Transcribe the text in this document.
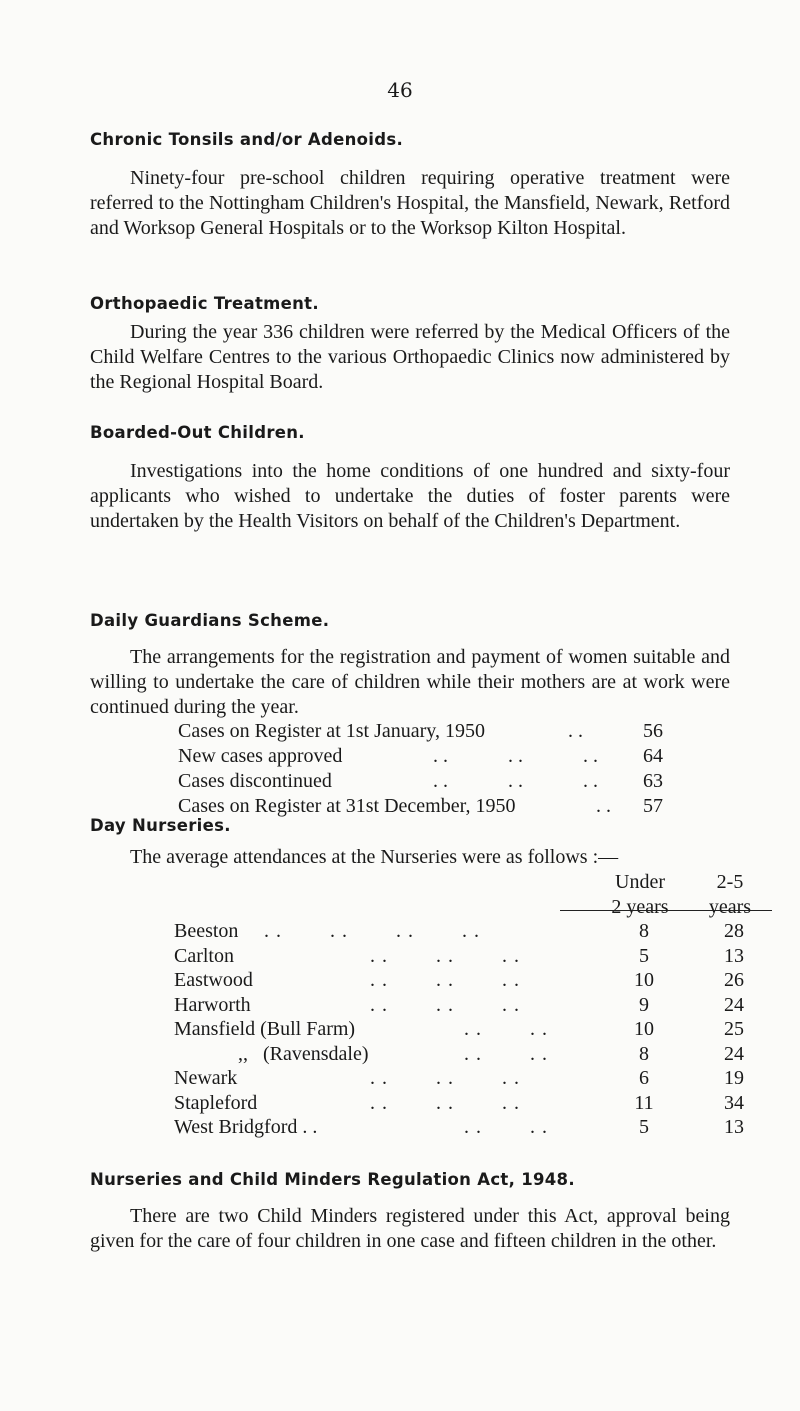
46
Chronic Tonsils and/or Adenoids.

Ninety-four pre-school children requiring operative treatment were referred to the Nottingham Children's Hospital, the Mansfield, Newark, Retford and Worksop General Hospitals or to the Worksop Kilton Hospital.

Orthopaedic Treatment.

During the year 336 children were referred by the Medical Officers of the Child Welfare Centres to the various Orthopaedic Clinics now administered by the Regional Hospital Board.

Boarded-Out Children.

Investigations into the home conditions of one hundred and sixty-four applicants who wished to undertake the duties of foster parents were undertaken by the Health Visitors on behalf of the Children's Department.

Daily Guardians Scheme.

The arrangements for the registration and payment of women suitable and willing to undertake the care of children while their mothers are at work were continued during the year.

Cases on Register at 1st January, 1950	. .	56
New cases approved	. .            . .            . . 64
Cases discontinued	. .            . .            . . 63
Cases on Register at 31st December, 1950	. . 57
Day Nurseries.
The average attendances at the Nurseries were as follows :—
Under
2 years
2-5
years
Beeston . .        . .        . .        . .	8	28
Carlton	. .        . .        . .	5	13
Eastwood	. .        . .        . .	10	26
Harworth	. .        . .        . .	9	24
Mansfield (Bull Farm)	. .        . .	10	25
,,   (Ravensdale)	. .        . .	8	24
Newark	. .        . .        . .	6	19
Stapleford	. .        . .        . .	11	34
West Bridgford . .	. .        . .	5	13
Nurseries and Child Minders Regulation Act, 1948.

There are two Child Minders registered under this Act, approval being given for the care of four children in one case and fifteen children in the other.
